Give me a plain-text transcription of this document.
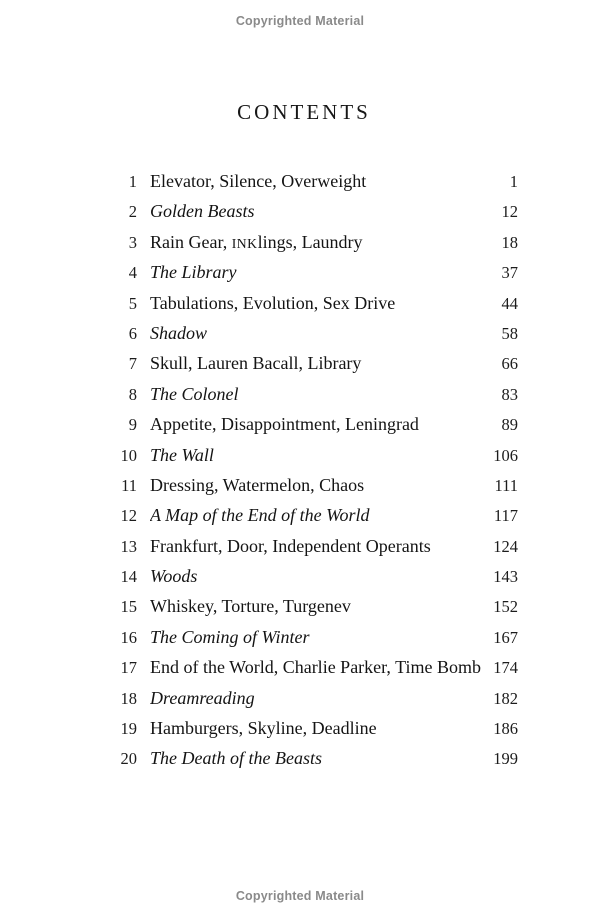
Copyrighted Material
CONTENTS
1 Elevator, Silence, Overweight	1
2 Golden Beasts	12
3 Rain Gear, INKlings, Laundry	18
4 The Library	37
5 Tabulations, Evolution, Sex Drive	44
6 Shadow	58
7 Skull, Lauren Bacall, Library	66
8 The Colonel	83
9 Appetite, Disappointment, Leningrad	89
10 The Wall	106
11 Dressing, Watermelon, Chaos	111
12 A Map of the End of the World	117
13 Frankfurt, Door, Independent Operants	124
14 Woods	143
15 Whiskey, Torture, Turgenev	152
16 The Coming of Winter	167
17 End of the World, Charlie Parker, Time Bomb 174
18 Dreamreading	182
19 Hamburgers, Skyline, Deadline	186
20 The Death of the Beasts	199
Copyrighted Material
